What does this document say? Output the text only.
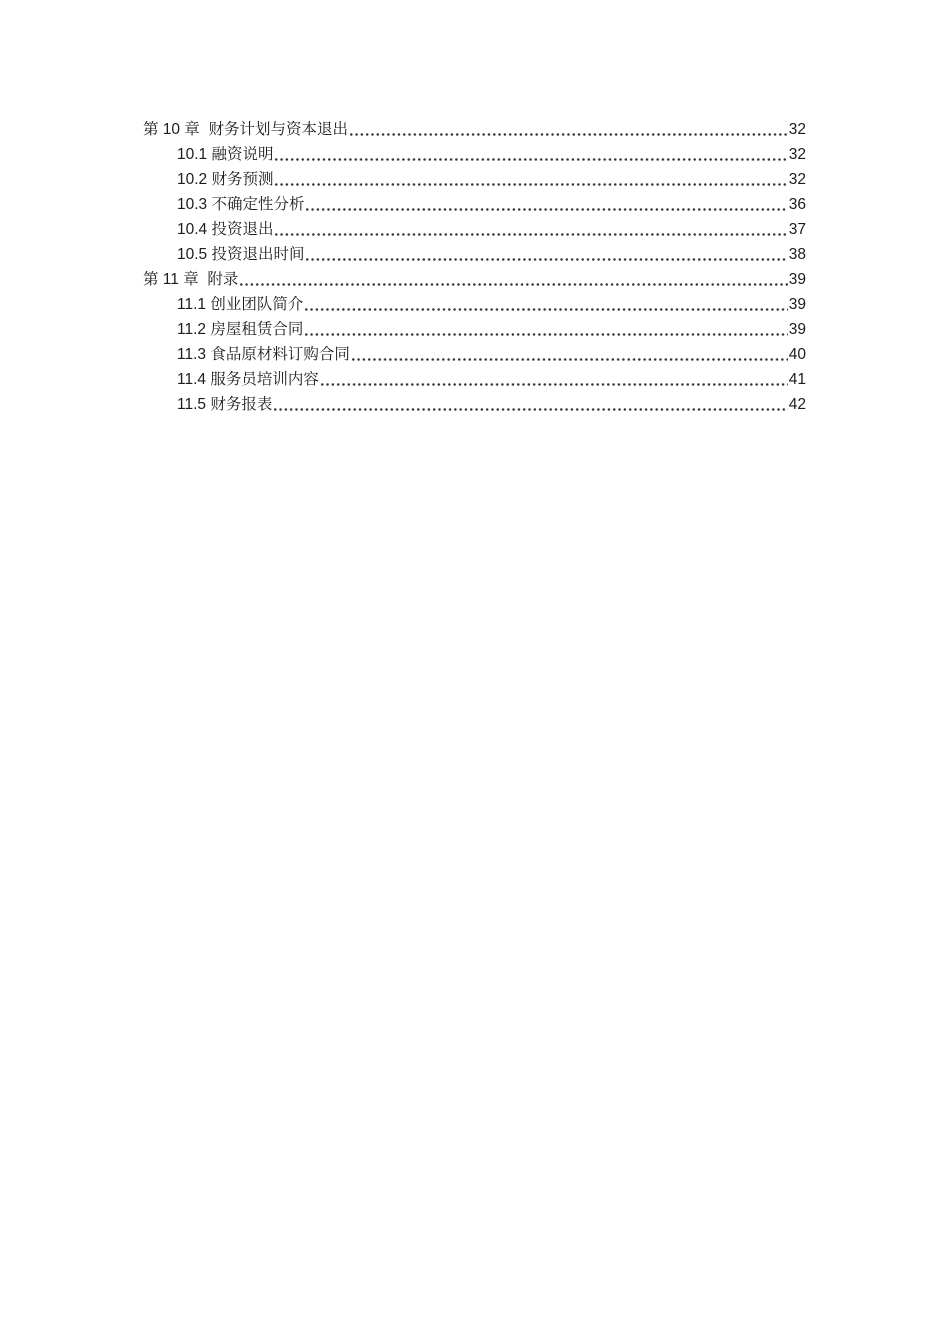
第 10 章  财务计划与资本退出	32
10.1 融资说明	32
10.2 财务预测	32
10.3 不确定性分析	36
10.4 投资退出	37
10.5 投资退出时间	38
第 11 章  附录	39
11.1 创业团队简介	39
11.2 房屋租赁合同	39
11.3 食品原材料订购合同	40
11.4 服务员培训内容	41
11.5 财务报表	42
